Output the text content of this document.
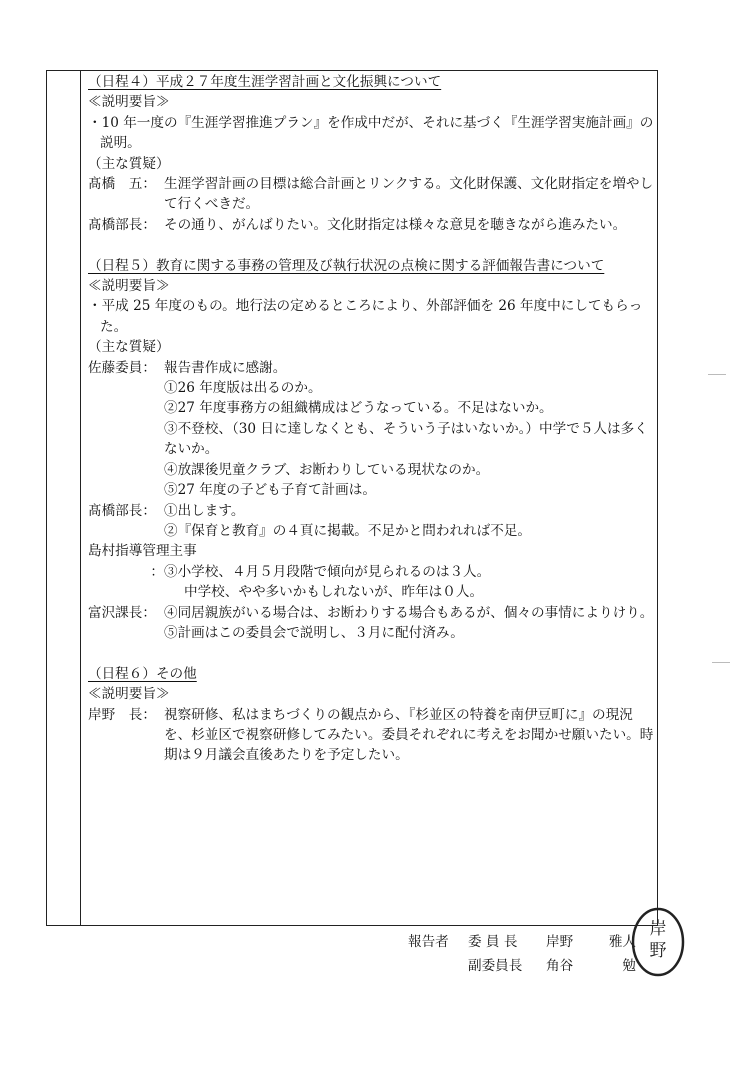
（日程４）平成２７年度生涯学習計画と文化振興について
≪説明要旨≫
・10 年一度の『生涯学習推進プラン』を作成中だが、それに基づく『生涯学習実施計画』の説明。
（主な質疑）
髙橋　五： 生涯学習計画の目標は総合計画とリンクする。文化財保護、文化財指定を増やして行くべきだ。
髙橋部長： その通り、がんばりたい。文化財指定は様々な意見を聴きながら進みたい。
（日程５）教育に関する事務の管理及び執行状況の点検に関する評価報告書について
≪説明要旨≫
・平成 25 年度のもの。地行法の定めるところにより、外部評価を 26 年度中にしてもらった。
（主な質疑）
佐藤委員： 報告書作成に感謝。
①26 年度版は出るのか。
②27 年度事務方の組織構成はどうなっている。不足はないか。
③不登校、（30 日に達しなくとも、そういう子はいないか。）中学で５人は多くないか。
④放課後児童クラブ、お断わりしている現状なのか。
⑤27 年度の子ども子育て計画は。
髙橋部長： ①出します。
②『保育と教育』の４頁に掲載。不足かと問われれば不足。
島村指導管理主事
： ③小学校、４月５月段階で傾向が見られるのは３人。
中学校、やや多いかもしれないが、昨年は０人。
富沢課長： ④同居親族がいる場合は、お断わりする場合もあるが、個々の事情によりけり。
⑤計画はこの委員会で説明し、３月に配付済み。
（日程６）その他
≪説明要旨≫
岸野　長： 視察研修、私はまちづくりの観点から、『杉並区の特養を南伊豆町に』の現況を、杉並区で視察研修してみたい。委員それぞれに考えをお聞かせ願いたい。時期は９月議会直後あたりを予定したい。
報告者	委 員 長	岸野	雅人
副委員長	角谷	勉
岸
野
